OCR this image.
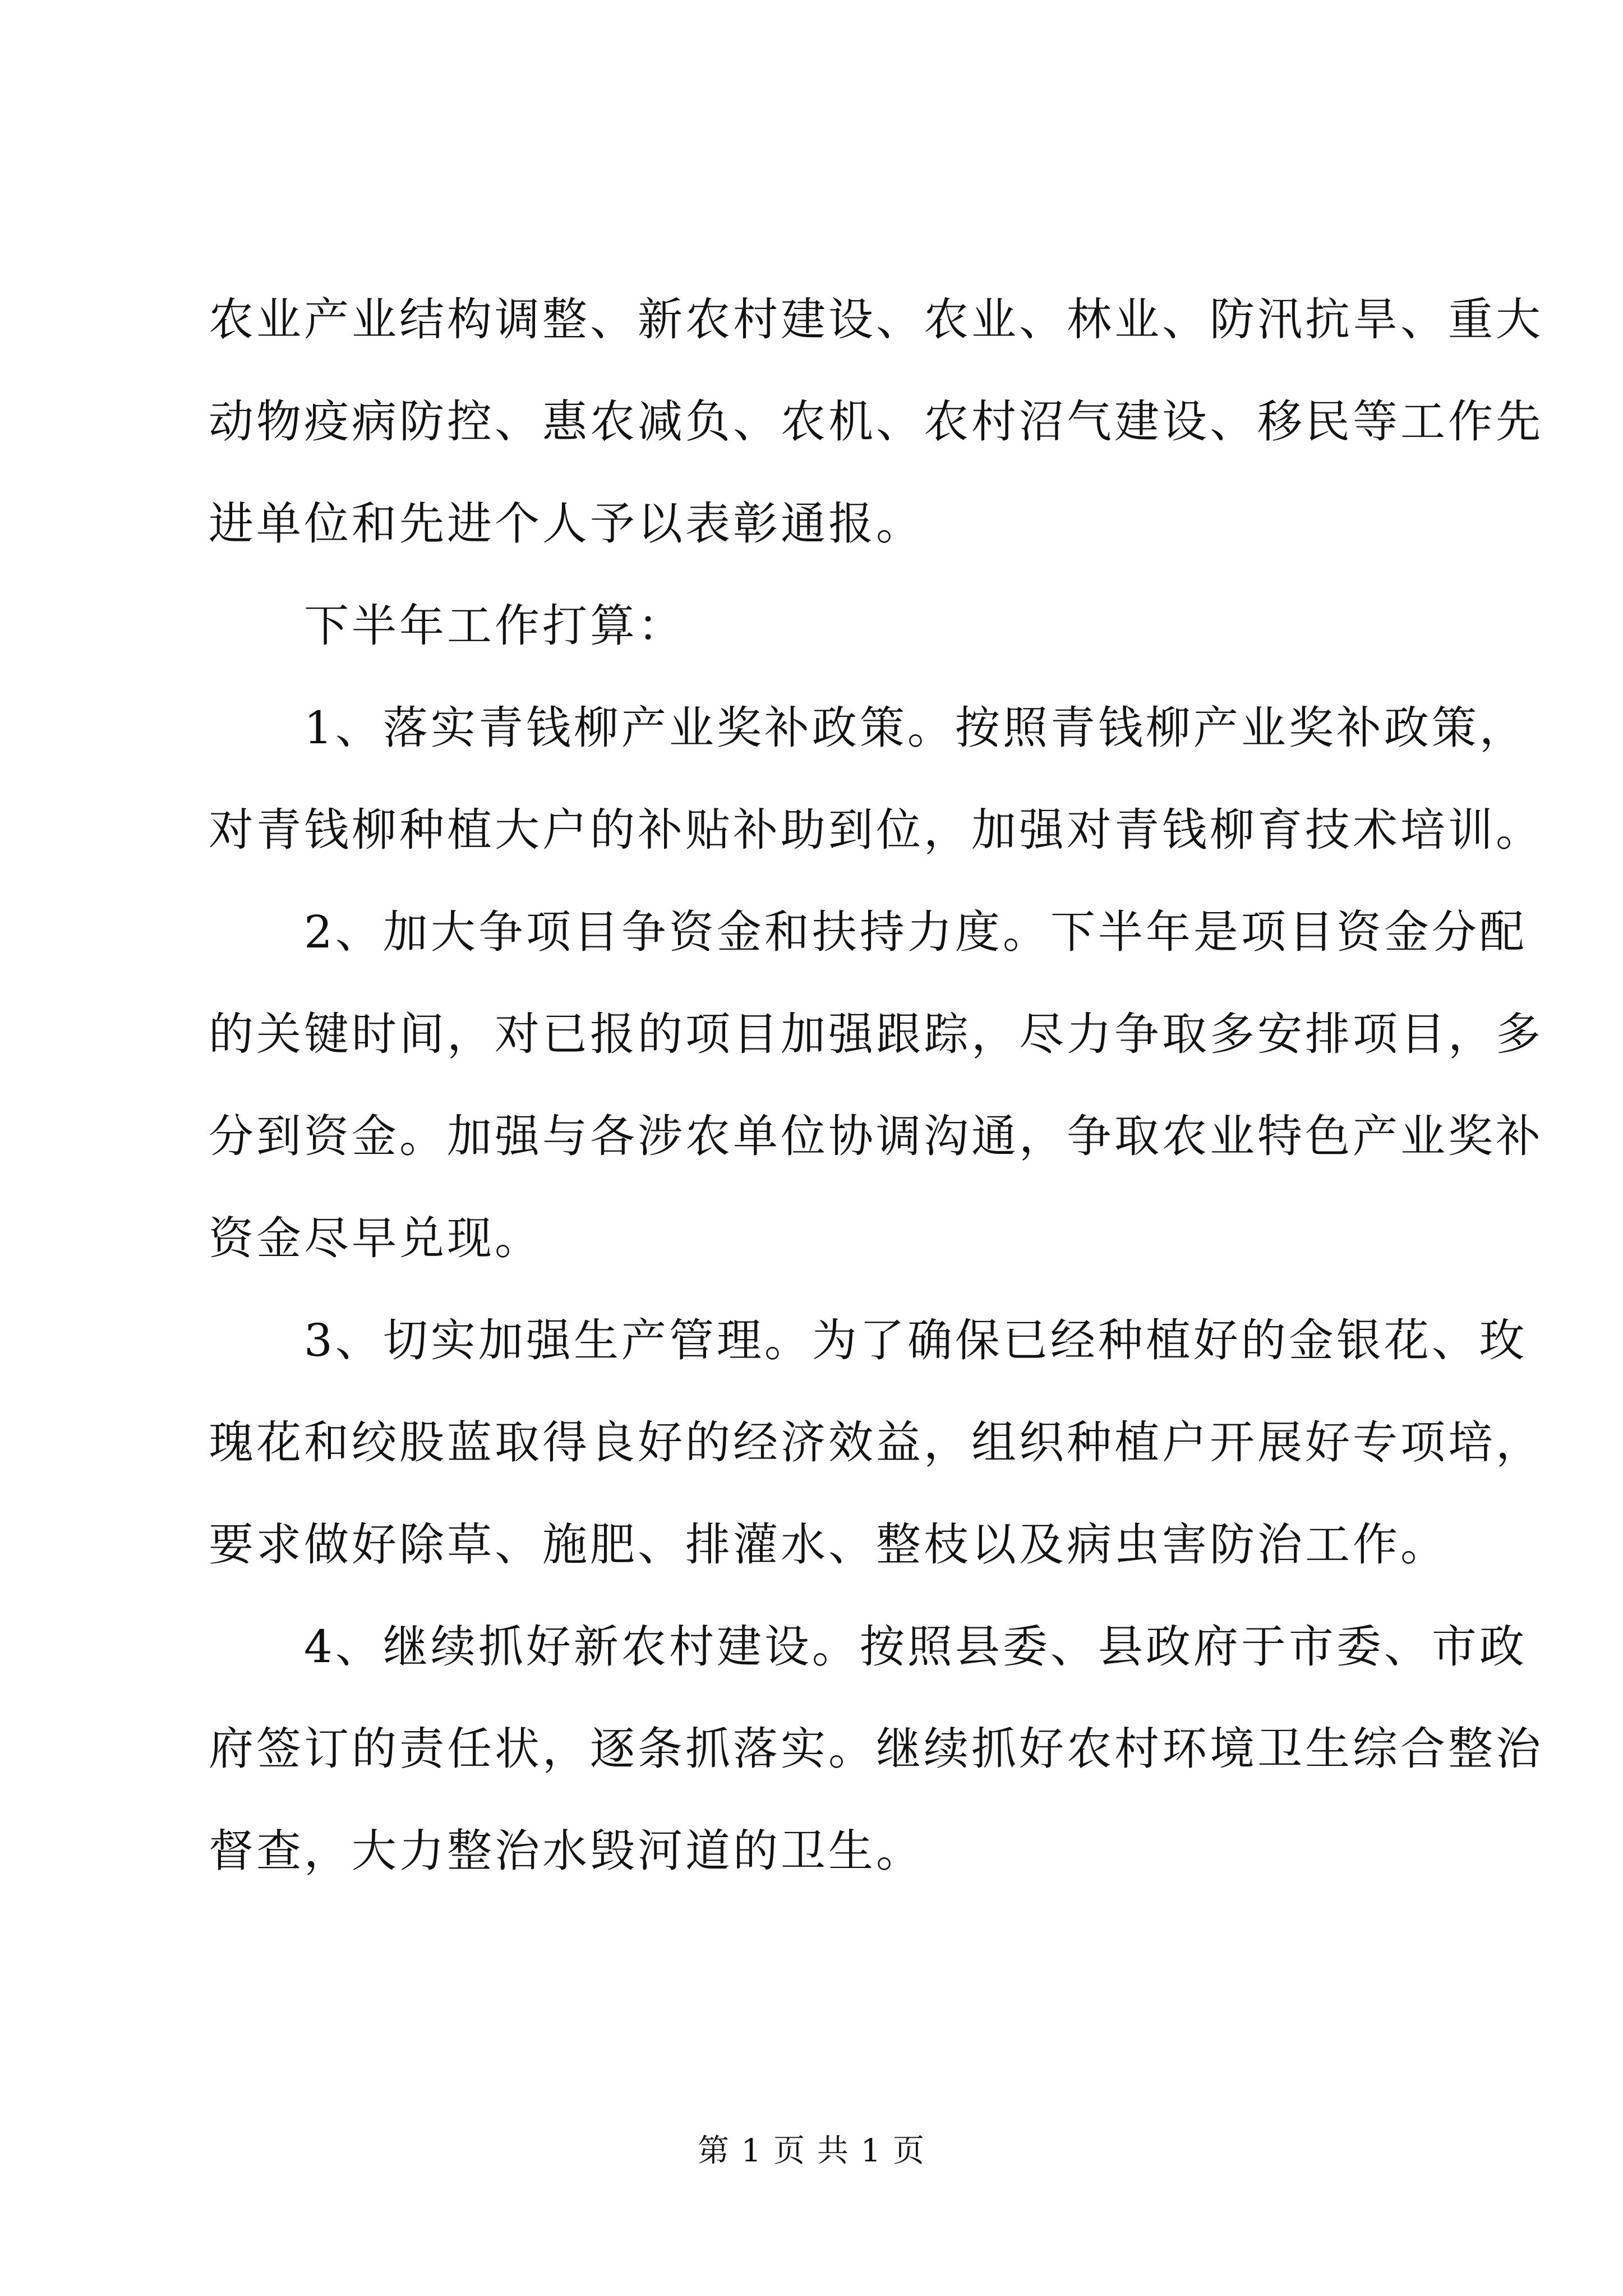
农业产业结构调整、新农村建设、农业、林业、防汛抗旱、重大
动物疫病防控、惠农减负、农机、农村沼气建设、移民等工作先
进单位和先进个人予以表彰通报。
下半年工作打算：
1、落实青钱柳产业奖补政策。按照青钱柳产业奖补政策，
对青钱柳种植大户的补贴补助到位，加强对青钱柳育技术培训。
2、加大争项目争资金和扶持力度。下半年是项目资金分配
的关键时间，对已报的项目加强跟踪，尽力争取多安排项目，多
分到资金。加强与各涉农单位协调沟通，争取农业特色产业奖补
资金尽早兑现。
3、切实加强生产管理。为了确保已经种植好的金银花、玫
瑰花和绞股蓝取得良好的经济效益，组织种植户开展好专项培，
要求做好除草、施肥、排灌水、整枝以及病虫害防治工作。
4、继续抓好新农村建设。按照县委、县政府于市委、市政
府签订的责任状，逐条抓落实。继续抓好农村环境卫生综合整治
督查，大力整治水毁河道的卫生。
第 1 页 共 1 页
